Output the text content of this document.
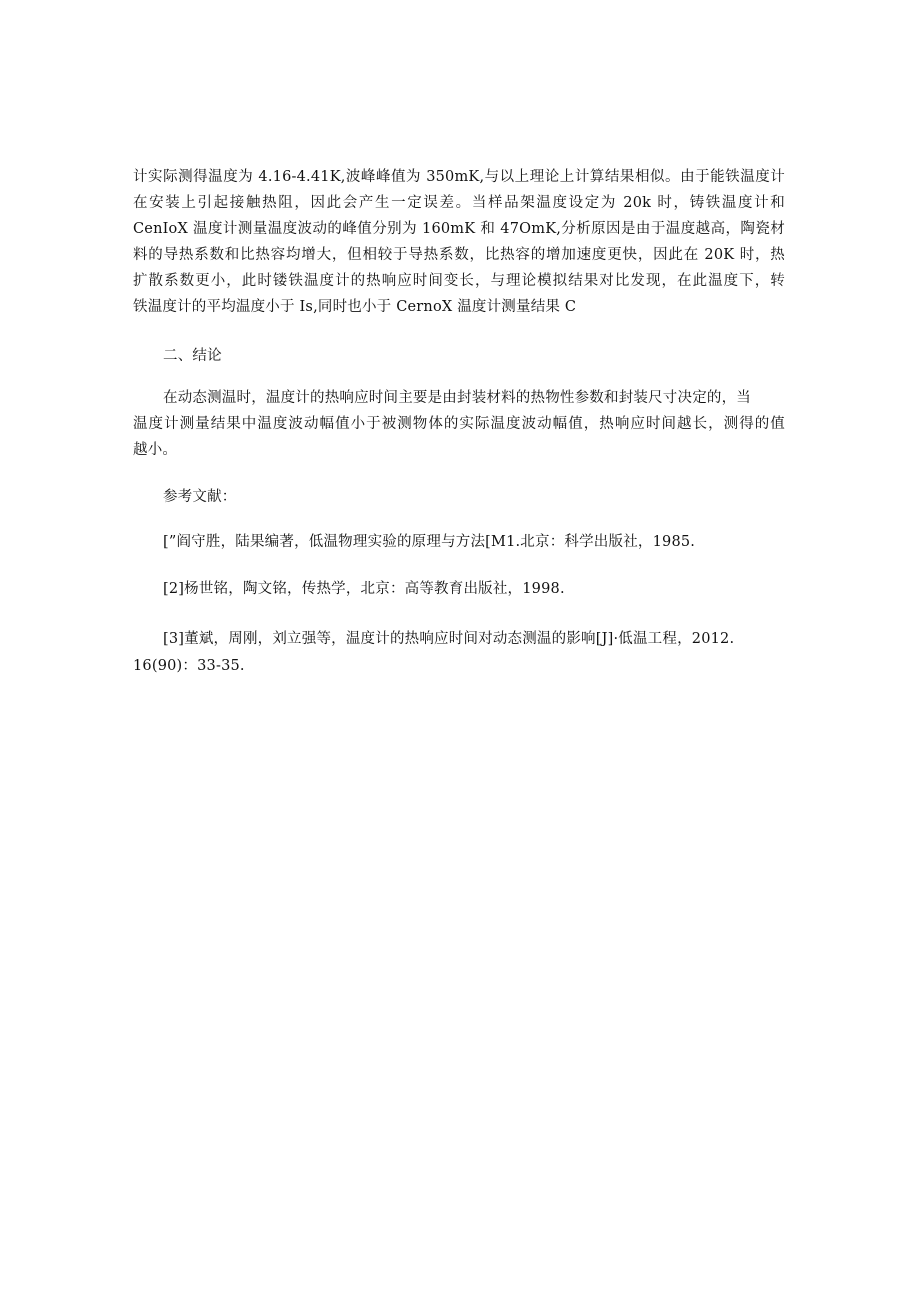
计实际测得温度为 4.16-4.41K,波峰峰值为 350mK,与以上理论上计算结果相似。由于能铁温度计
在安装上引起接触热阻，因此会产生一定误差。当样品架温度设定为 20k 时，铸铁温度计和
CenIoX 温度计测量温度波动的峰值分别为 160mK 和 47OmK,分析原因是由于温度越高，陶瓷材
料的导热系数和比热容均增大，但相较于导热系数，比热容的增加速度更快，因此在 20K 时，热
扩散系数更小，此时镂铁温度计的热响应时间变长，与理论模拟结果对比发现，在此温度下，转
铁温度计的平均温度小于 Is,同时也小于 CernoX 温度计测量结果 C
二、结论
在动态测温时，温度计的热响应时间主要是由封装材料的热物性参数和封装尺寸决定的，当
温度计测量结果中温度波动幅值小于被测物体的实际温度波动幅值，热响应时间越长，测得的值
越小。
参考文献：
[”阎守胜，陆果编著，低温物理实验的原理与方法[M1.北京：科学出版社，1985.
[2]杨世铭，陶文铭，传热学，北京：高等教育出版社，1998.
[3]董斌，周刚，刘立强等，温度计的热响应时间对动态测温的影响[J]·低温工程，2012.
16(90)：33-35.
